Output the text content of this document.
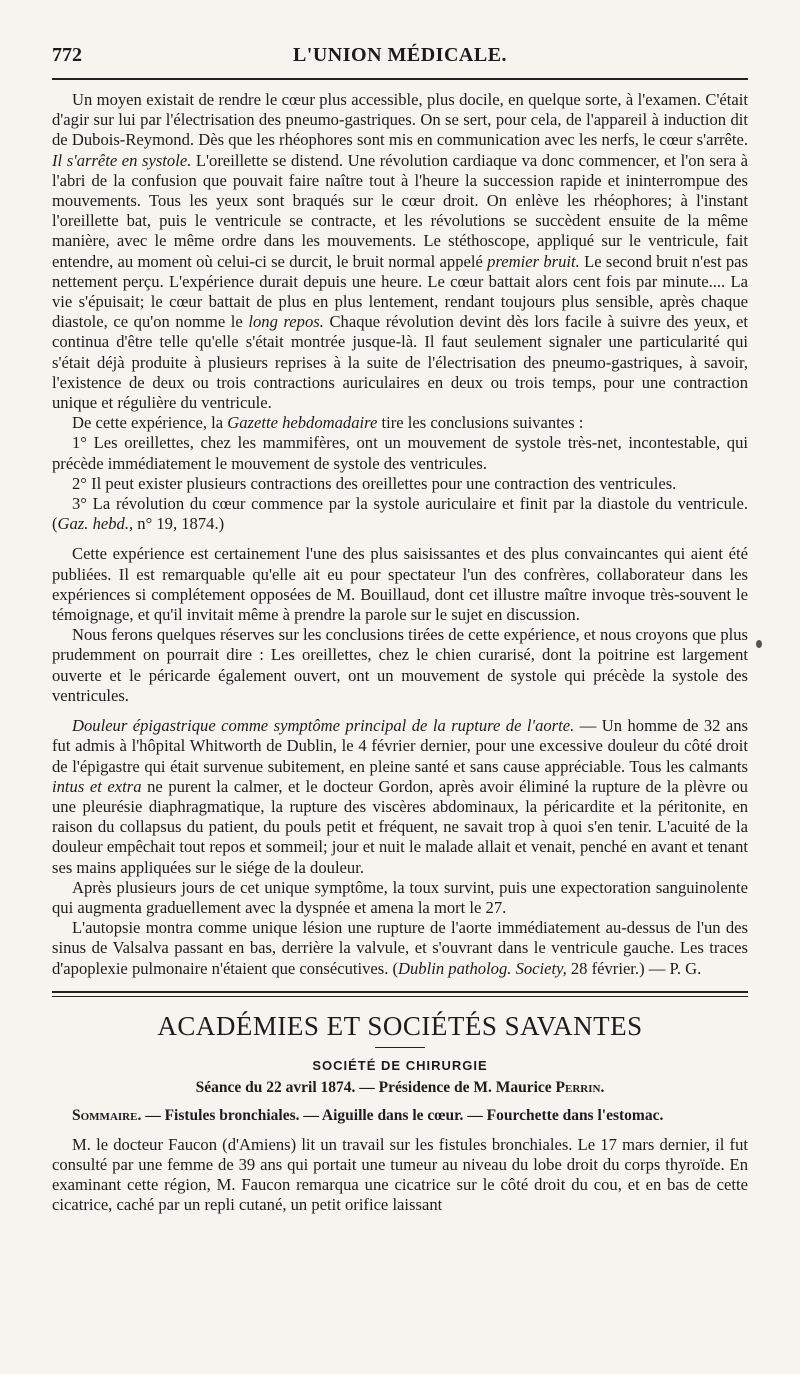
772	L'UNION MÉDICALE.

Un moyen existait de rendre le cœur plus accessible, plus docile, en quelque sorte, à l'examen. C'était d'agir sur lui par l'électrisation des pneumo-gastriques. On se sert, pour cela, de l'appareil à induction dit de Dubois-Reymond. Dès que les rhéophores sont mis en communication avec les nerfs, le cœur s'arrête. Il s'arrête en systole. L'oreillette se distend. Une révolution cardiaque va donc commencer, et l'on sera à l'abri de la confusion que pouvait faire naître tout à l'heure la succession rapide et ininterrompue des mouvements. Tous les yeux sont braqués sur le cœur droit. On enlève les rhéophores; à l'instant l'oreillette bat, puis le ventricule se contracte, et les révolutions se succèdent ensuite de la même manière, avec le même ordre dans les mouvements. Le stéthoscope, appliqué sur le ventricule, fait entendre, au moment où celui-ci se durcit, le bruit normal appelé premier bruit. Le second bruit n'est pas nettement perçu. L'expérience durait depuis une heure. Le cœur battait alors cent fois par minute.... La vie s'épuisait; le cœur battait de plus en plus lentement, rendant toujours plus sensible, après chaque diastole, ce qu'on nomme le long repos. Chaque révolution devint dès lors facile à suivre des yeux, et continua d'être telle qu'elle s'était montrée jusque-là. Il faut seulement signaler une particularité qui s'était déjà produite à plusieurs reprises à la suite de l'électrisation des pneumo-gastriques, à savoir, l'existence de deux ou trois contractions auriculaires en deux ou trois temps, pour une contraction unique et régulière du ventricule.

De cette expérience, la Gazette hebdomadaire tire les conclusions suivantes :

1° Les oreillettes, chez les mammifères, ont un mouvement de systole très-net, incontestable, qui précède immédiatement le mouvement de systole des ventricules.

2° Il peut exister plusieurs contractions des oreillettes pour une contraction des ventricules.

3° La révolution du cœur commence par la systole auriculaire et finit par la diastole du ventricule. (Gaz. hebd., n° 19, 1874.)

Cette expérience est certainement l'une des plus saisissantes et des plus convaincantes qui aient été publiées. Il est remarquable qu'elle ait eu pour spectateur l'un des confrères, collaborateur dans les expériences si complétement opposées de M. Bouillaud, dont cet illustre maître invoque très-souvent le témoignage, et qu'il invitait même à prendre la parole sur le sujet en discussion.

Nous ferons quelques réserves sur les conclusions tirées de cette expérience, et nous croyons que plus prudemment on pourrait dire : Les oreillettes, chez le chien curarisé, dont la poitrine est largement ouverte et le péricarde également ouvert, ont un mouvement de systole qui précède la systole des ventricules.

Douleur épigastrique comme symptôme principal de la rupture de l'aorte. — Un homme de 32 ans fut admis à l'hôpital Whitworth de Dublin, le 4 février dernier, pour une excessive douleur du côté droit de l'épigastre qui était survenue subitement, en pleine santé et sans cause appréciable. Tous les calmants intus et extra ne purent la calmer, et le docteur Gordon, après avoir éliminé la rupture de la plèvre ou une pleurésie diaphragmatique, la rupture des viscères abdominaux, la péricardite et la péritonite, en raison du collapsus du patient, du pouls petit et fréquent, ne savait trop à quoi s'en tenir. L'acuité de la douleur empêchait tout repos et sommeil; jour et nuit le malade allait et venait, penché en avant et tenant ses mains appliquées sur le siége de la douleur.

Après plusieurs jours de cet unique symptôme, la toux survint, puis une expectoration sanguinolente qui augmenta graduellement avec la dyspnée et amena la mort le 27.

L'autopsie montra comme unique lésion une rupture de l'aorte immédiatement au-dessus de l'un des sinus de Valsalva passant en bas, derrière la valvule, et s'ouvrant dans le ventricule gauche. Les traces d'apoplexie pulmonaire n'étaient que consécutives. (Dublin patholog. Society, 28 février.) — P. G.

ACADÉMIES ET SOCIÉTÉS SAVANTES
SOCIÉTÉ DE CHIRURGIE
Séance du 22 avril 1874. — Présidence de M. Maurice Perrin.
Sommaire. — Fistules bronchiales. — Aiguille dans le cœur. — Fourchette dans l'estomac.

M. le docteur Faucon (d'Amiens) lit un travail sur les fistules bronchiales. Le 17 mars dernier, il fut consulté par une femme de 39 ans qui portait une tumeur au niveau du lobe droit du corps thyroïde. En examinant cette région, M. Faucon remarqua une cicatrice sur le côté droit du cou, et en bas de cette cicatrice, caché par un repli cutané, un petit orifice laissant
